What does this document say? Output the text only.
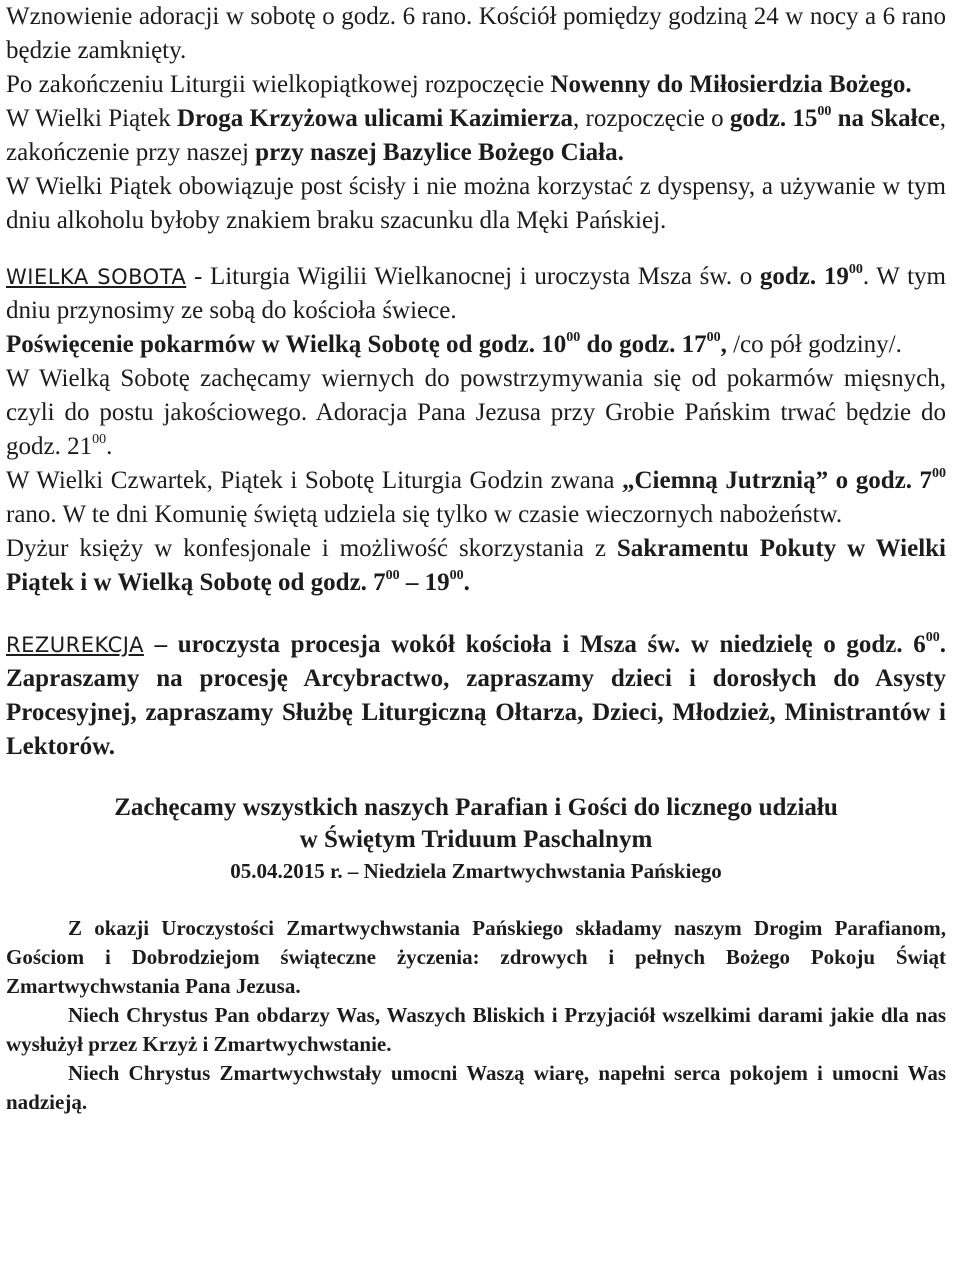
Wznowienie adoracji w sobotę o godz. 6 rano. Kościół pomiędzy godziną 24 w nocy a 6 rano będzie zamknięty.

Po zakończeniu Liturgii wielkopiątkowej rozpoczęcie Nowenny do Miłosierdzia Bożego.

W Wielki Piątek Droga Krzyżowa ulicami Kazimierza, rozpoczęcie o godz. $15^{00}$ na Skałce, zakończenie przy naszej przy naszej Bazylice Bożego Ciała.

W Wielki Piątek obowiązuje post ścisły i nie można korzystać z dyspensy, a używanie w tym dniu alkoholu byłoby znakiem braku szacunku dla Męki Pańskiej.

WIELKA SOBOTA - Liturgia Wigilii Wielkanocnej i uroczysta Msza św. o godz. $19^{00}$. W tym dniu przynosimy ze sobą do kościoła świece.

Poświęcenie pokarmów w Wielką Sobotę od godz. $10^{00}$ do godz. $17^{00}$, /co pół godziny/.

W Wielką Sobotę zachęcamy wiernych do powstrzymywania się od pokarmów mięsnych, czyli do postu jakościowego. Adoracja Pana Jezusa przy Grobie Pańskim trwać będzie do godz. $21^{00}$.

W Wielki Czwartek, Piątek i Sobotę Liturgia Godzin zwana „Ciemną Jutrznią” o godz. $7^{00}$ rano. W te dni Komunię świętą udziela się tylko w czasie wieczornych nabożeństw.

Dyżur księży w konfesjonale i możliwość skorzystania z Sakramentu Pokuty w Wielki Piątek i w Wielką Sobotę od godz. $7^{00} - 19^{00}$.

REZUREKCJA – uroczysta procesja wokół kościoła i Msza św. w niedzielę o godz. $6^{00}$. Zapraszamy na procesję Arcybractwo, zapraszamy dzieci i dorosłych do Asysty Procesyjnej, zapraszamy Służbę Liturgiczną Ołtarza, Dzieci, Młodzież, Ministrantów i Lektorów.

Zachęcamy wszystkich naszych Parafian i Gości do licznego udziału

w Świętym Triduum Paschalnym

05.04.2015 r. – Niedziela Zmartwychwstania Pańskiego

Z okazji Uroczystości Zmartwychwstania Pańskiego składamy naszym Drogim Parafianom, Gościom i Dobrodziejom świąteczne życzenia: zdrowych i pełnych Bożego Pokoju Świąt Zmartwychwstania Pana Jezusa.

Niech Chrystus Pan obdarzy Was, Waszych Bliskich i Przyjaciół wszelkimi darami jakie dla nas wysłużył przez Krzyż i Zmartwychwstanie.

Niech Chrystus Zmartwychwstały umocni Waszą wiarę, napełni serca pokojem i umocni Was nadzieją.
